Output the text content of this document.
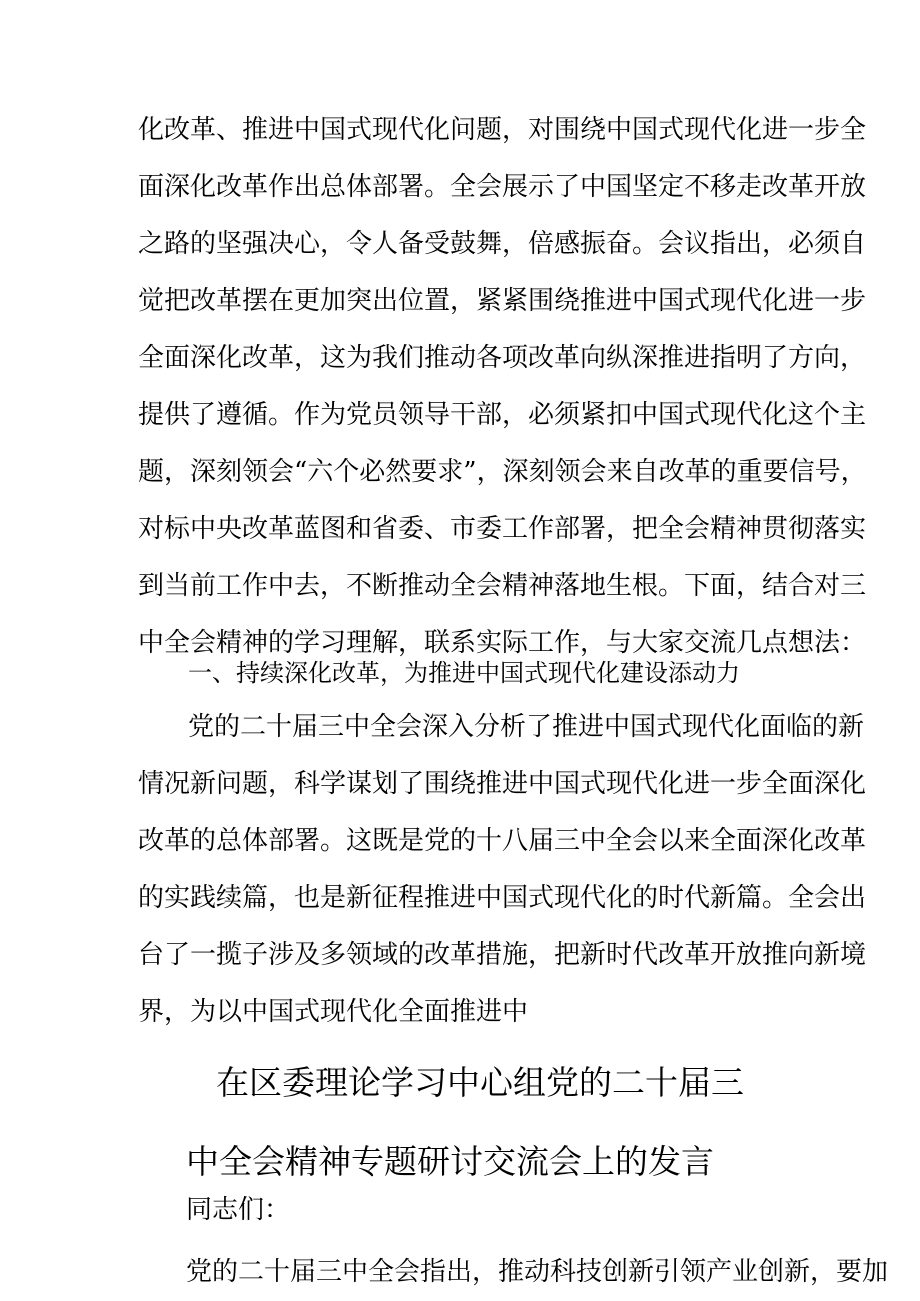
化改革、推进中国式现代化问题，对围绕中国式现代化进一步全
面深化改革作出总体部署。全会展示了中国坚定不移走改革开放
之路的坚强决心，令人备受鼓舞，倍感振奋。会议指出，必须自
觉把改革摆在更加突出位置，紧紧围绕推进中国式现代化进一步
全面深化改革，这为我们推动各项改革向纵深推进指明了方向，
提供了遵循。作为党员领导干部，必须紧扣中国式现代化这个主
题，深刻领会“六个必然要求”，深刻领会来自改革的重要信号，
对标中央改革蓝图和省委、市委工作部署，把全会精神贯彻落实
到当前工作中去，不断推动全会精神落地生根。下面，结合对三
中全会精神的学习理解，联系实际工作，与大家交流几点想法：
一、持续深化改革，为推进中国式现代化建设添动力
党的二十届三中全会深入分析了推进中国式现代化面临的新
情况新问题，科学谋划了围绕推进中国式现代化进一步全面深化
改革的总体部署。这既是党的十八届三中全会以来全面深化改革
的实践续篇，也是新征程推进中国式现代化的时代新篇。全会出
台了一揽子涉及多领域的改革措施，把新时代改革开放推向新境
界，为以中国式现代化全面推进中
在区委理论学习中心组党的二十届三
中全会精神专题研讨交流会上的发言
同志们：
党的二十届三中全会指出，推动科技创新引领产业创新，要加
